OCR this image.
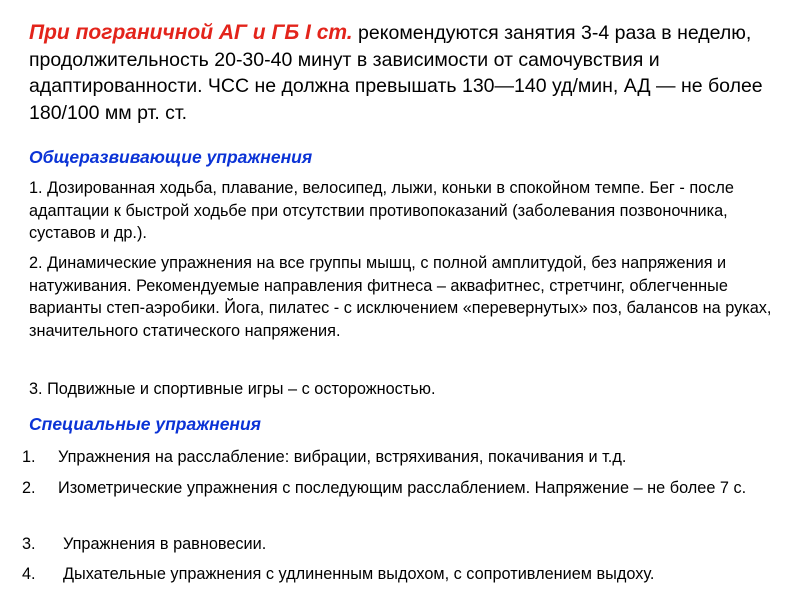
При пограничной АГ и ГБ I ст. рекомендуются занятия 3-4 раза в неделю, продолжительность 20-30-40 минут в зависимости от самочувствия и адаптированности. ЧСС не должна превышать 130—140 уд/мин, АД — не более 180/100 мм рт. ст.
Общеразвивающие упражнения
1. Дозированная ходьба, плавание, велосипед, лыжи, коньки в спокойном темпе. Бег - после адаптации к быстрой ходьбе при отсутствии противопоказаний (заболевания позвоночника, суставов и др.).
2. Динамические упражнения на все группы мышц, с полной амплитудой, без напряжения и натуживания. Рекомендуемые направления фитнеса – аквафитнес, стретчинг, облегченные варианты степ-аэробики. Йога, пилатес - с исключением «перевернутых» поз, балансов на руках, значительного статического напряжения.
3. Подвижные и спортивные игры – с осторожностью.
Специальные упражнения
1.	Упражнения на расслабление: вибрации, встряхивания, покачивания и т.д.
2.	Изометрические упражнения с последующим расслаблением. Напряжение – не более 7 с.
3.	Упражнения в равновесии.
4.	Дыхательные упражнения с удлиненным выдохом, с сопротивлением выдоху.
